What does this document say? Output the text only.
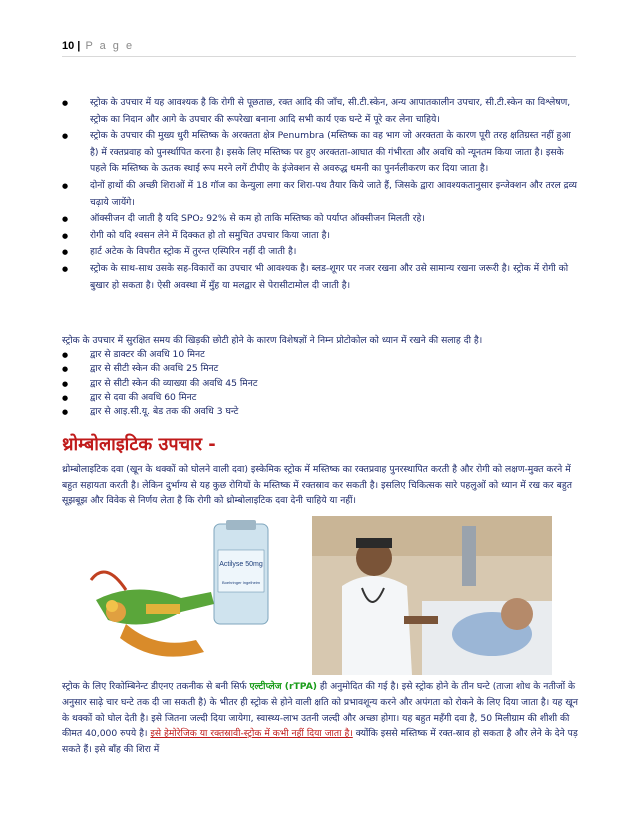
10 | P a g e
● स्ट्रोक के उपचार में यह आवश्यक है कि रोगी से पूछताछ, रक्त आदि की जाँच, सी.टी.स्केन, अन्य आपातकालीन उपचार, सी.टी.स्केन का विश्लेषण, स्ट्रोक का निदान और आगे के उपचार की रूपरेखा बनाना आदि सभी कार्य एक घन्टे में पूरे कर लेना चाहिये।
● स्ट्रोक के उपचार की मुख्य धुरी मस्तिष्क के अरक्तता क्षेत्र Penumbra (मस्तिष्क का वह भाग जो अरक्तता के कारण पूरी तरह क्षतिग्रस्त नहीं हुआ है) में रक्तप्रवाह को पुनर्स्थापित करना है। इसके लिए मस्तिष्क पर हुए अरक्तता-आघात की गंभीरता और अवधि को न्यूनतम किया जाता है। इसके पहले कि मस्तिष्क के ऊतक स्थाई रूप मरने लगें टीपीए के इंजेक्शन से अवरुद्ध धमनी का पुनर्नलीकरण कर दिया जाता है।
● दोनों हाथों की अच्छी शिराओं में 18 गॉज का केन्युला लगा कर शिरा-पथ तैयार किये जाते हैं, जिसके द्वारा आवश्यकतानुसार इन्जेक्शन और तरल द्रव्य चढ़ाये जायेंगे।
● ऑक्सीजन दी जाती है यदि SPO₂ 92% से कम हो ताकि मस्तिष्क को पर्याप्त ऑक्सीजन मिलती रहे।
● रोगी को यदि श्वसन लेने में दिक्कत हो तो समुचित उपचार किया जाता है।
● हार्ट अटेक के विपरीत स्ट्रोक में तुरन्त एस्पिरिन नहीं दी जाती है।
● स्ट्रोक के साथ-साथ उसके सह-विकारों का उपचार भी आवश्यक है। ब्लड-शूगर पर नजर रखना और उसे सामान्य रखना जरूरी है। स्ट्रोक में रोगी को बुखार हो सकता है। ऐसी अवस्था में मुँह या मलद्वार से पेरासीटामोल दी जाती है।

स्ट्रोक के उपचार में सुरक्षित समय की खिड़की छोटी होने के कारण विशेषज्ञों ने निम्न प्रोटोकोल को ध्यान में रखने की सलाह दी है।

● द्वार से डाक्टर की अवधि 10 मिनट
● द्वार से सीटी स्केन की अवधि 25 मिनट
● द्वार से सीटी स्केन की व्याख्या की अवधि 45 मिनट
● द्वार से दवा की अवधि 60 मिनट
● द्वार से आइ.सी.यू. बेड तक की अवधि 3 घन्टे
थ्रोम्बोलाइटिक उपचार -

थ्रोम्बोलाइटिक दवा (खून के थक्कों को घोलने वाली दवा) इस्केमिक स्ट्रोक में मस्तिष्क का रक्तप्रवाह पुनरस्थापित करती है और रोगी को लक्षण-मुक्त करने में बहुत सहायता करती है। लेकिन दुर्भाग्य से यह कुछ रोगियों के मस्तिष्क में रक्तस्राव कर सकती है। इसलिए चिकित्सक सारे पहलुओं को ध्यान में रख कर बहुत सूझबूझ और विवेक से निर्णय लेता है कि रोगी को थ्रोम्बोलाइटिक दवा देनी चाहिये या नहीं।

Actilyse 50mg
Boehringer Ingelheim

स्ट्रोक के लिए रिकोम्बिनेन्ट डीएनए तकनीक से बनी सिर्फ एल्टीप्लेज (rTPA) ही अनुमोदित की गई है। इसे स्ट्रोक होने के तीन घन्टे (ताजा शोध के नतीजों के अनुसार साढ़े चार घन्टे तक दी जा सकती है) के भीतर ही स्ट्रोक से होने वाली क्षति को प्रभावशून्य करने और अपंगता को रोकने के लिए दिया जाता है। यह खून के थक्कों को घोल देती है। इसे जितना जल्दी दिया जायेगा, स्वास्थ्य-लाभ उतनी जल्दी और अच्छा होगा। यह बहुत महँगी दवा है, 50 मिलीग्राम की शीशी की कीमत 40,000 रुपये है। इसे हेमोरेजिक या रक्तस्रावी-स्ट्रोक में कभी नहीं दिया जाता है। क्योंकि इससे मस्तिष्क में रक्त-स्राव हो सकता है और लेने के देने पड़ सकते हैं। इसे बाँह की शिरा में
